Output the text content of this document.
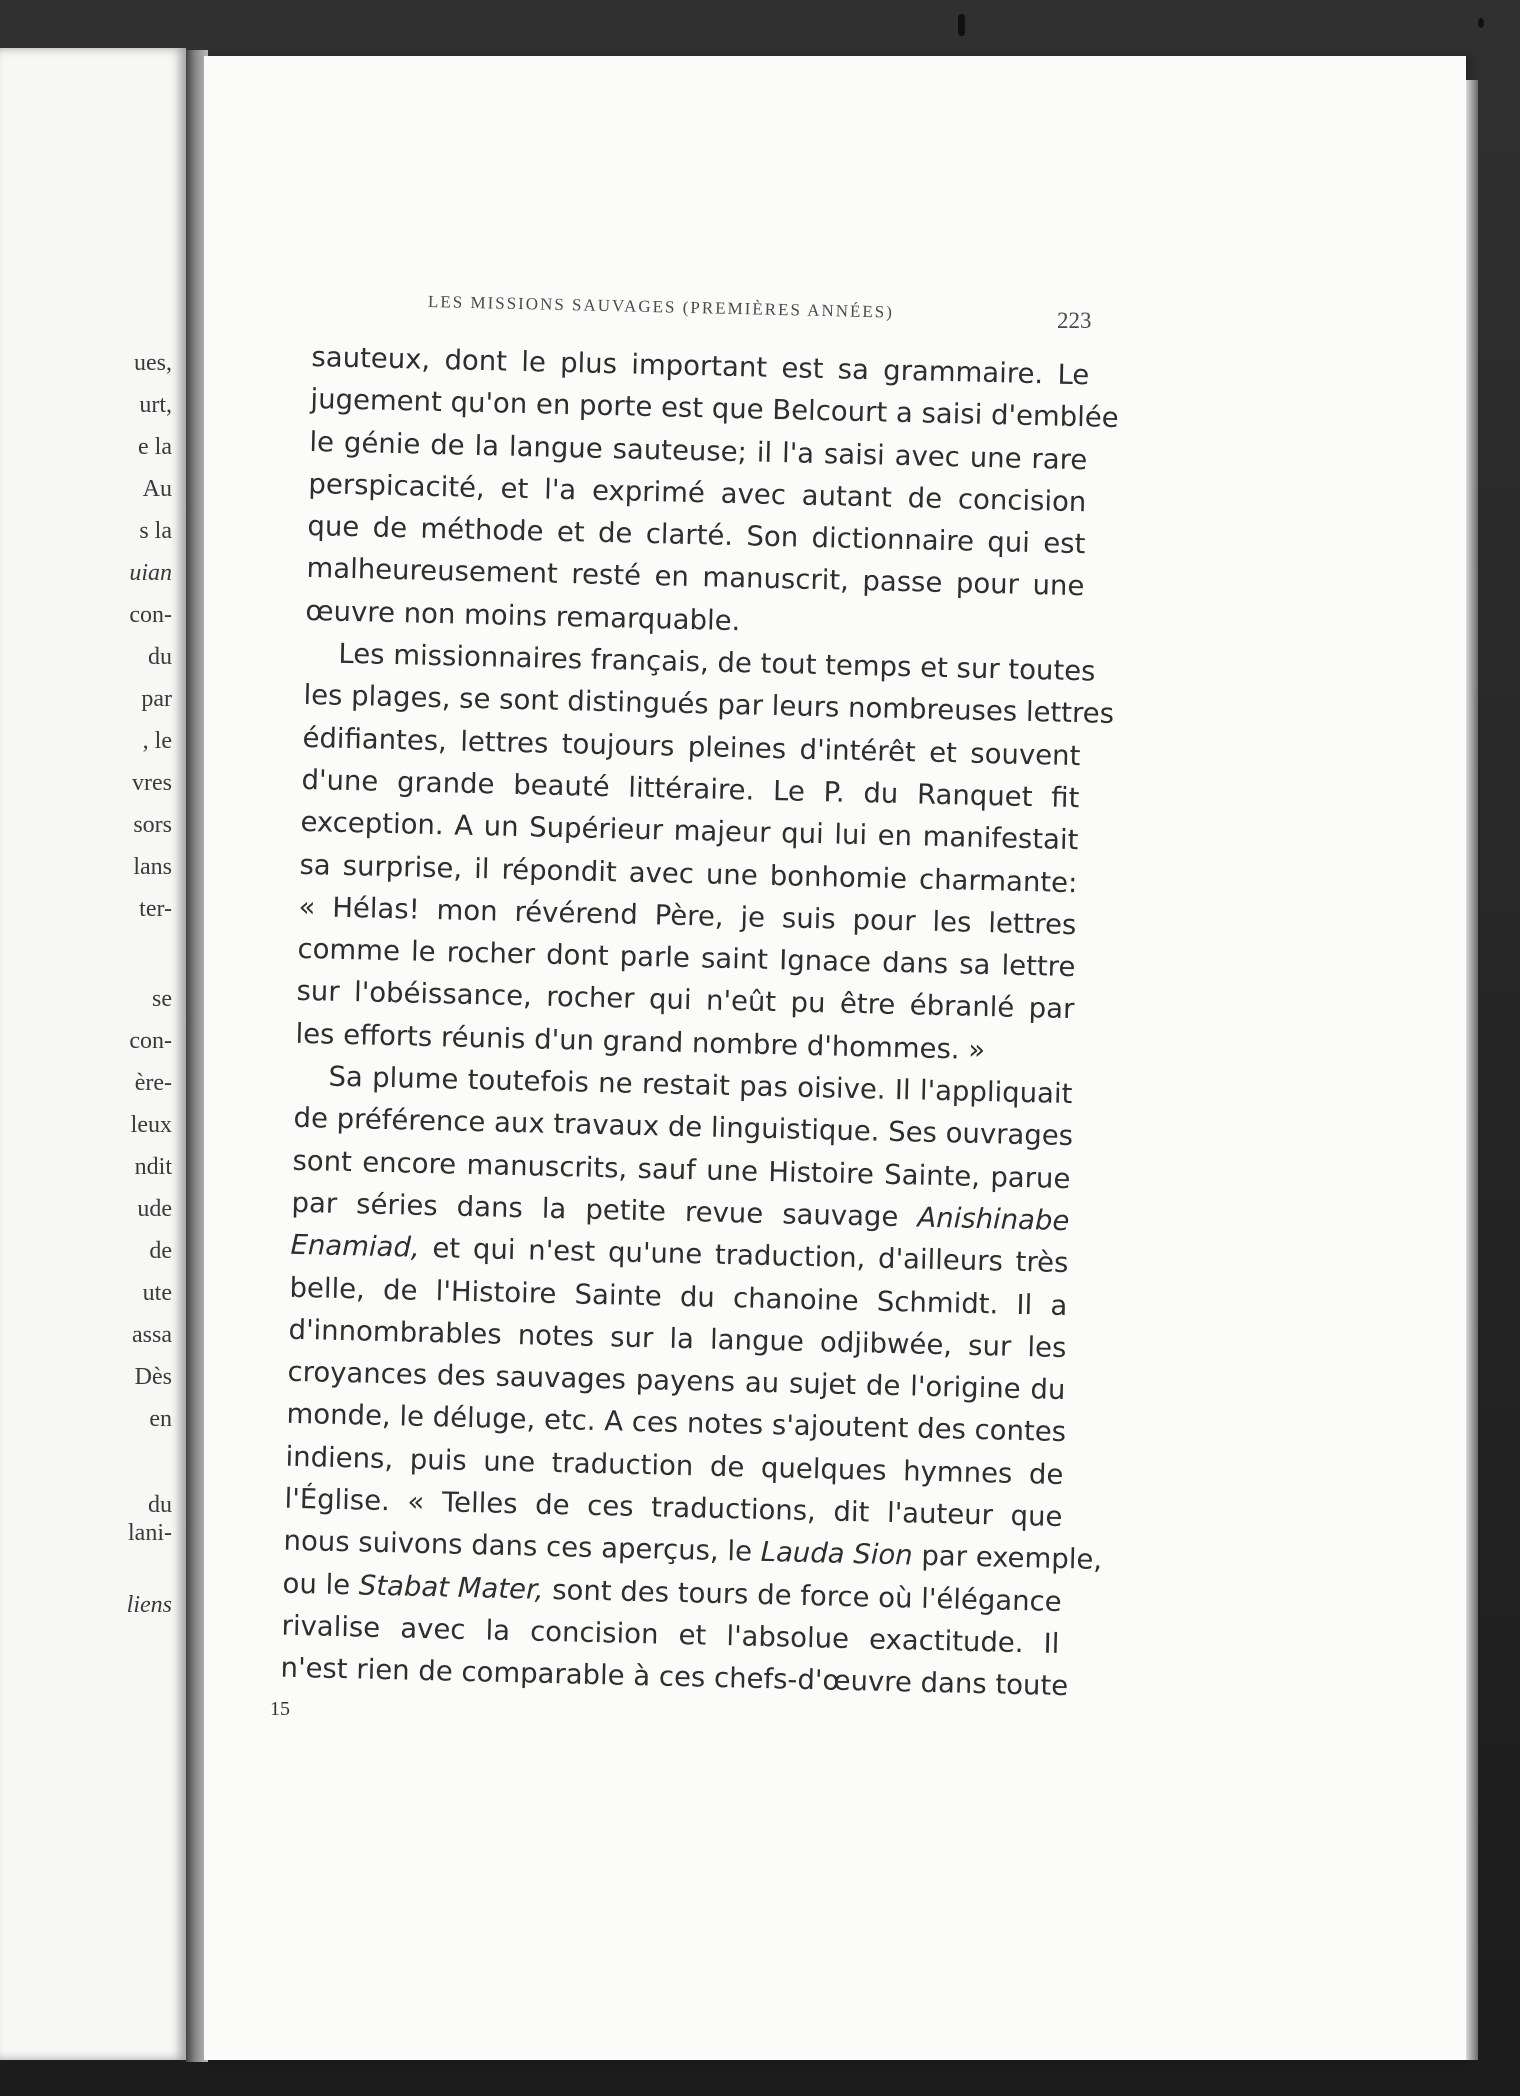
ues,
urt,
e la
Au
s la
uian
con-
du
par
, le
vres
sors
lans
ter-
se
con-
ère-
leux
ndit
ude
de
ute
assa
Dès
en
du
lani-
liens
LES MISSIONS SAUVAGES (PREMIÈRES ANNÉES)	223
sauteux, dont le plus important est sa grammaire. Le
jugement qu'on en porte est que Belcourt a saisi d'emblée
le génie de la langue sauteuse; il l'a saisi avec une rare
perspicacité, et l'a exprimé avec autant de concision
que de méthode et de clarté. Son dictionnaire qui est
malheureusement resté en manuscrit, passe pour une
œuvre non moins remarquable.
Les missionnaires français, de tout temps et sur toutes
les plages, se sont distingués par leurs nombreuses lettres
édifiantes, lettres toujours pleines d'intérêt et souvent
d'une grande beauté littéraire. Le P. du Ranquet fit
exception. A un Supérieur majeur qui lui en manifestait
sa surprise, il répondit avec une bonhomie charmante:
« Hélas! mon révérend Père, je suis pour les lettres
comme le rocher dont parle saint Ignace dans sa lettre
sur l'obéissance, rocher qui n'eût pu être ébranlé par
les efforts réunis d'un grand nombre d'hommes. »
Sa plume toutefois ne restait pas oisive. Il l'appliquait
de préférence aux travaux de linguistique. Ses ouvrages
sont encore manuscrits, sauf une Histoire Sainte, parue
par séries dans la petite revue sauvage Anishinabe
Enamiad, et qui n'est qu'une traduction, d'ailleurs très
belle, de l'Histoire Sainte du chanoine Schmidt. Il a
d'innombrables notes sur la langue odjibwée, sur les
croyances des sauvages payens au sujet de l'origine du
monde, le déluge, etc. A ces notes s'ajoutent des contes
indiens, puis une traduction de quelques hymnes de
l'Église. « Telles de ces traductions, dit l'auteur que
nous suivons dans ces aperçus, le Lauda Sion par exemple,
ou le Stabat Mater, sont des tours de force où l'élégance
rivalise avec la concision et l'absolue exactitude. Il
n'est rien de comparable à ces chefs-d'œuvre dans toute
15
